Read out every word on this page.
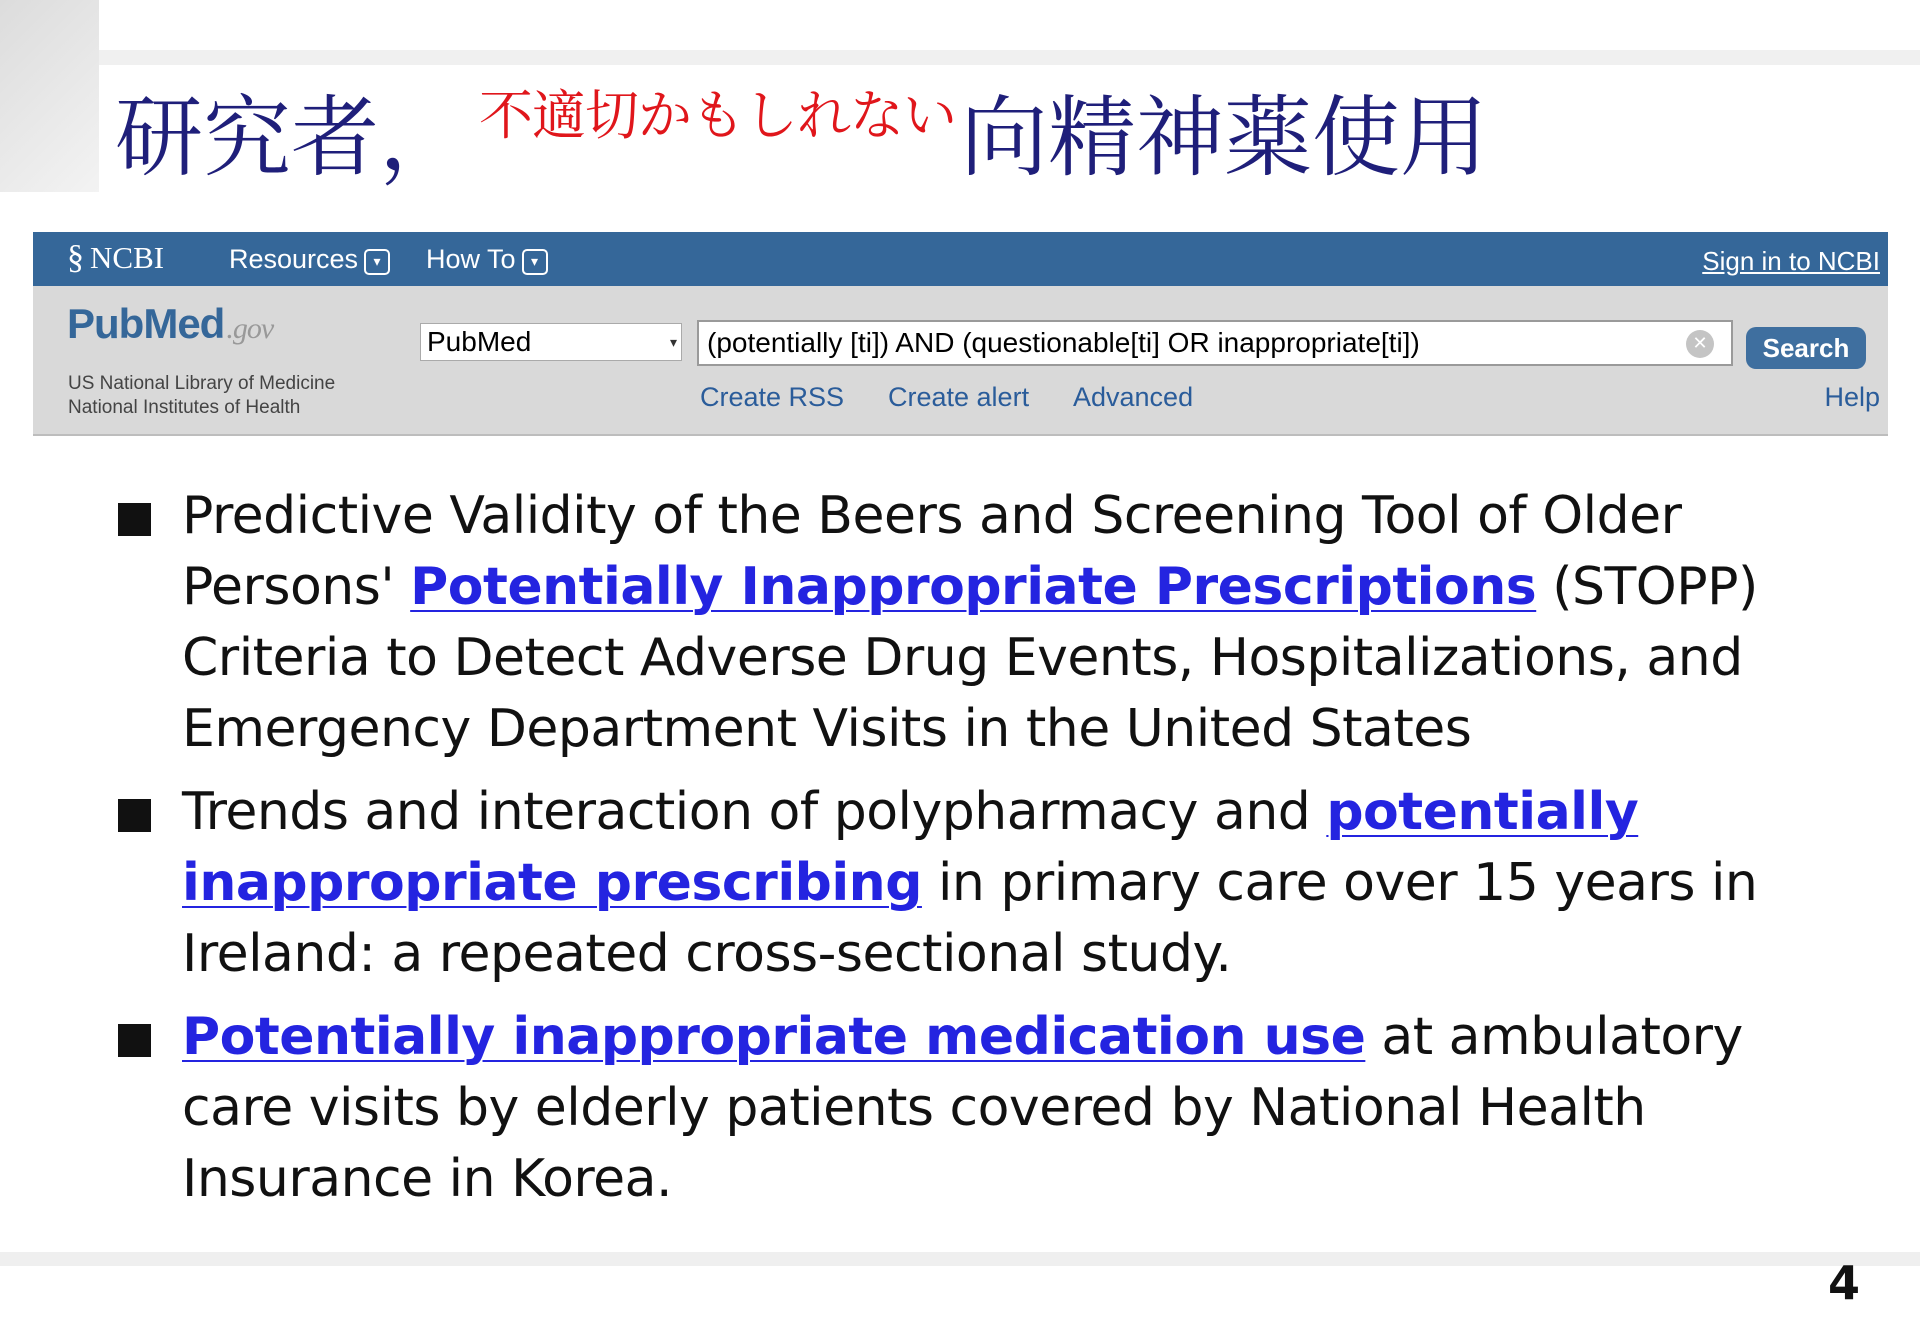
研究者， 不適切かもしれない向精神薬使用
§ NCBI Resources ▾	How To ▾	Sign in to NCBI
PubMed.gov
US National Library of Medicine
National Institutes of Health
PubMed	▾	(potentially [ti]) AND (questionable[ti] OR inappropriate[ti])	✕	Search
Create RSS Create alert Advanced	Help
Predictive Validity of the Beers and Screening Tool of Older Persons' Potentially Inappropriate Prescriptions (STOPP) Criteria to Detect Adverse Drug Events, Hospitalizations, and Emergency Department Visits in the United States
Trends and interaction of polypharmacy and potentially inappropriate prescribing in primary care over 15 years in Ireland: a repeated cross-sectional study.
Potentially inappropriate medication use at ambulatory care visits by elderly patients covered by National Health Insurance in Korea.
4
